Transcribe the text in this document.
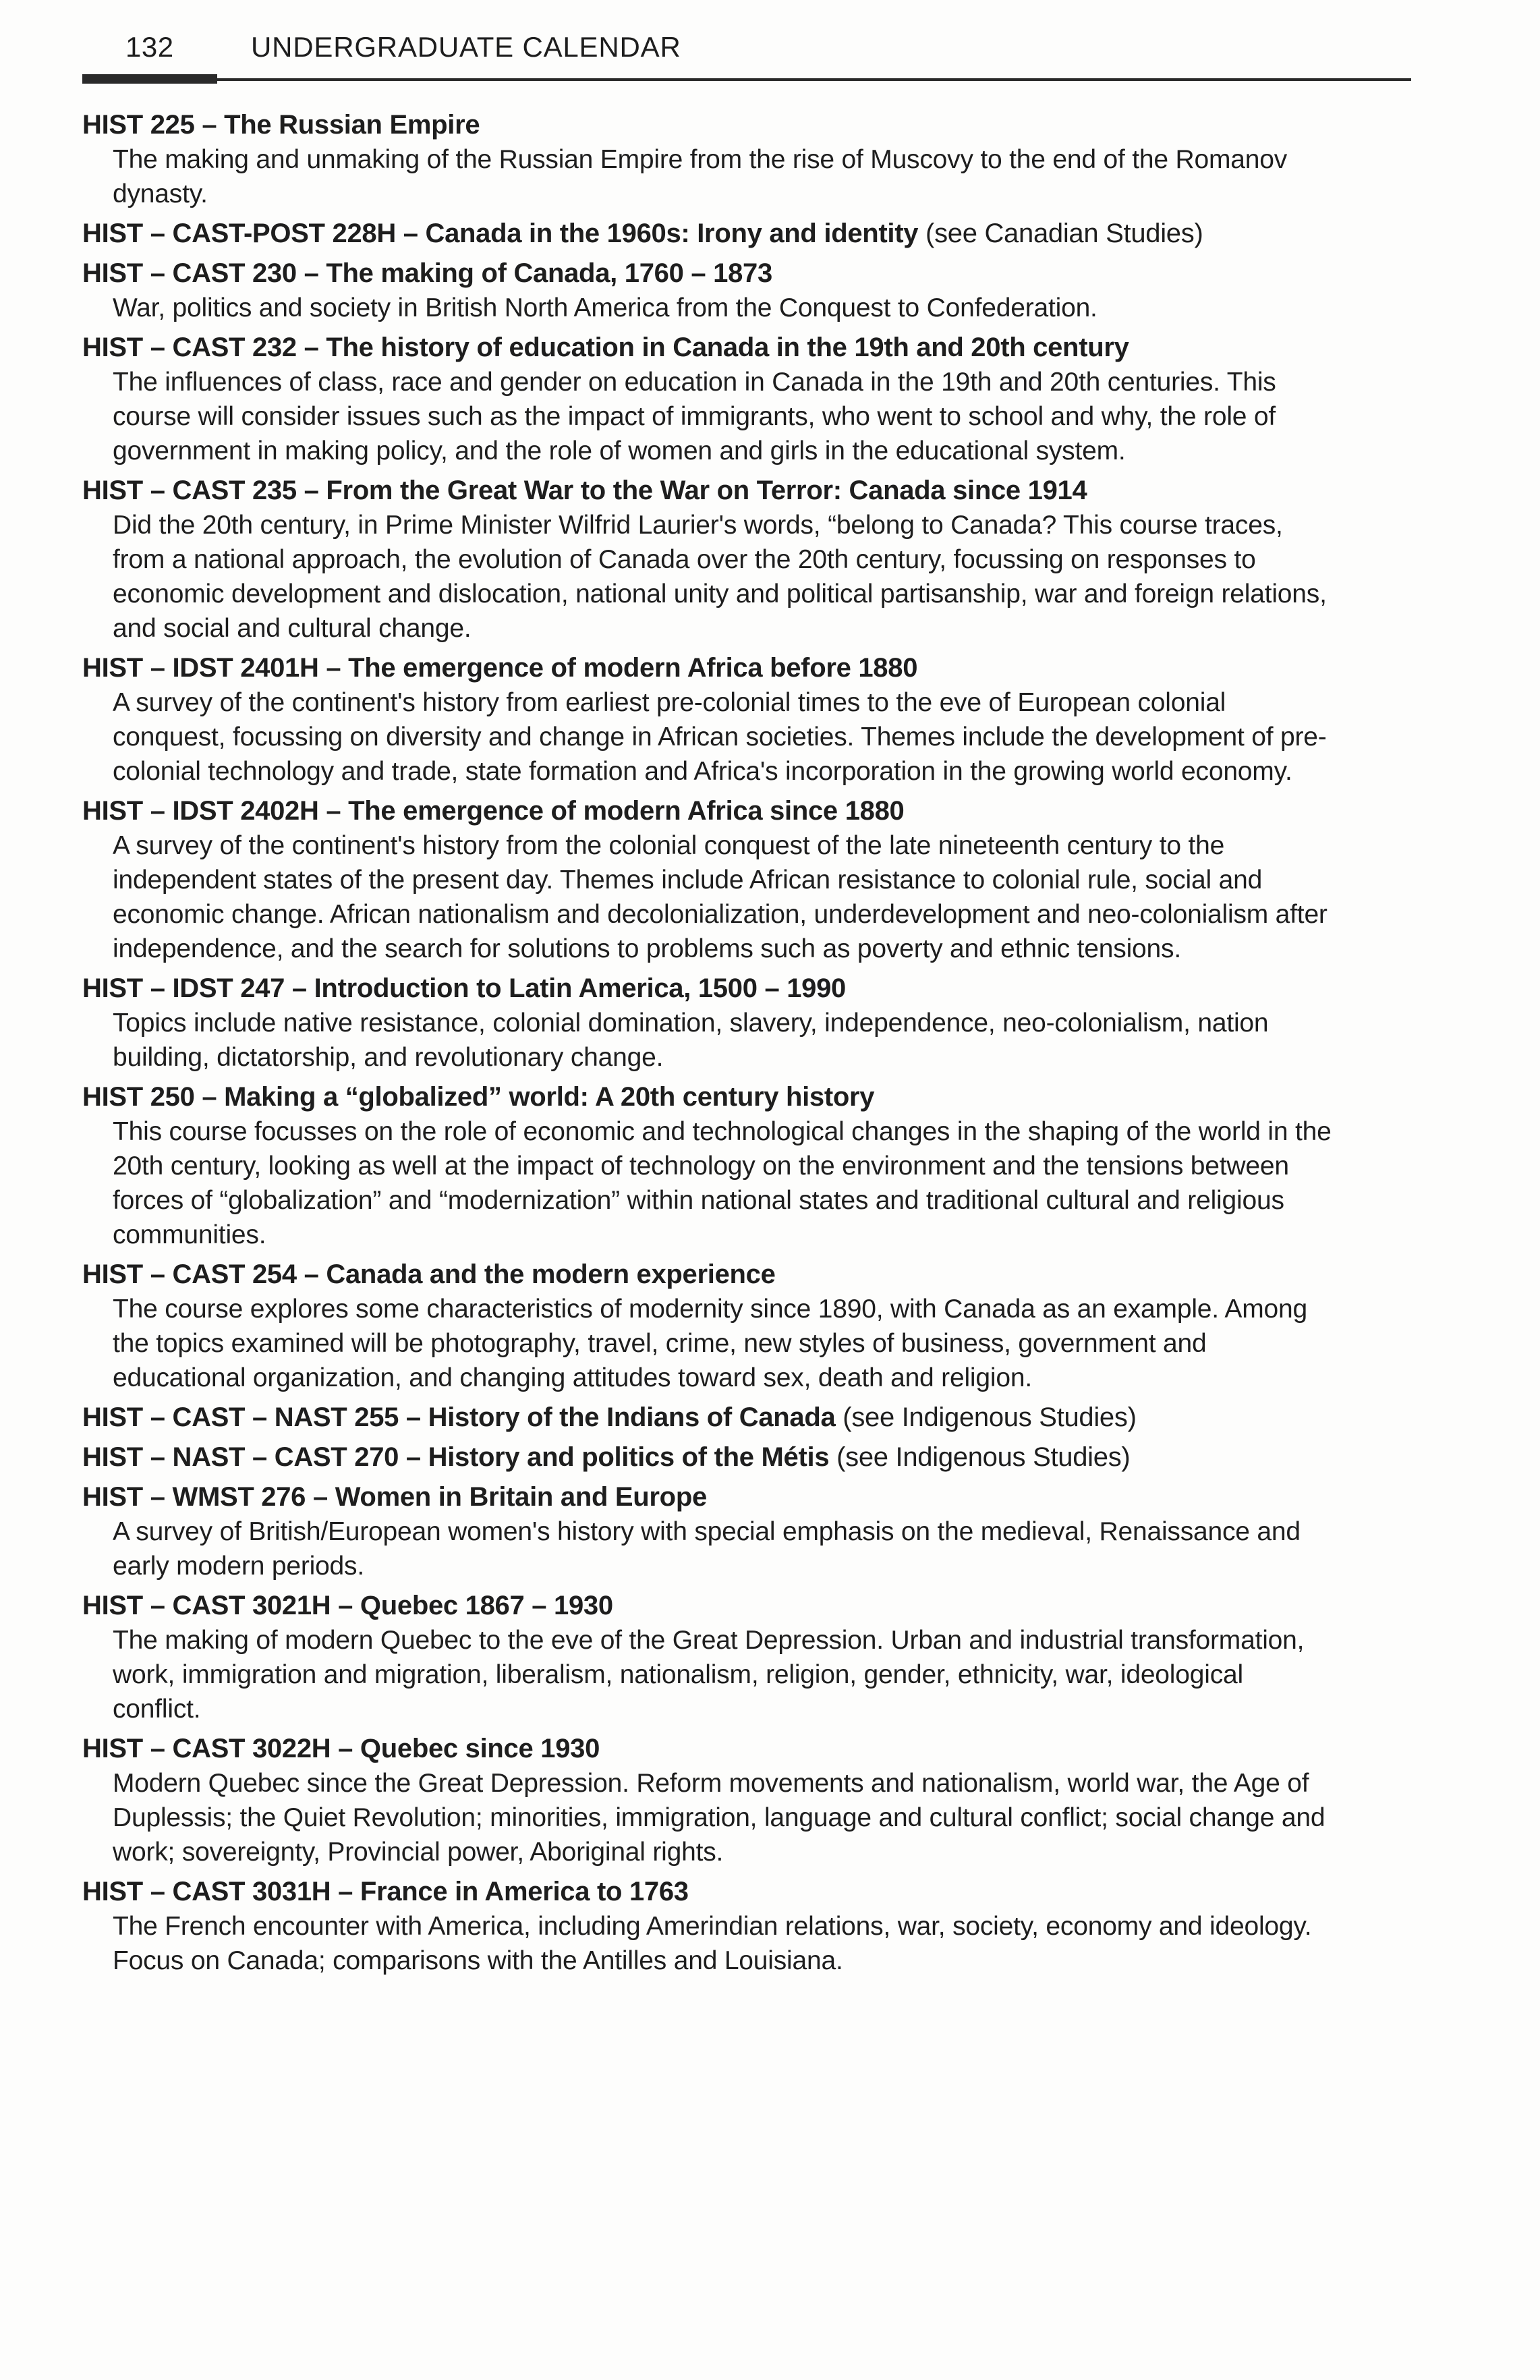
132	UNDERGRADUATE CALENDAR
HIST 225 – The Russian Empire
The making and unmaking of the Russian Empire from the rise of Muscovy to the end of the Romanov dynasty.
HIST – CAST-POST 228H – Canada in the 1960s: Irony and identity (see Canadian Studies)
HIST – CAST 230 – The making of Canada, 1760 – 1873
War, politics and society in British North America from the Conquest to Confederation.
HIST – CAST 232 – The history of education in Canada in the 19th and 20th century
The influences of class, race and gender on education in Canada in the 19th and 20th centuries. This course will consider issues such as the impact of immigrants, who went to school and why, the role of government in making policy, and the role of women and girls in the educational system.
HIST – CAST 235 – From the Great War to the War on Terror: Canada since 1914
Did the 20th century, in Prime Minister Wilfrid Laurier's words, “belong to Canada? This course traces, from a national approach, the evolution of Canada over the 20th century, focussing on responses to economic development and dislocation, national unity and political partisanship, war and foreign relations, and social and cultural change.
HIST – IDST 2401H – The emergence of modern Africa before 1880
A survey of the continent's history from earliest pre-colonial times to the eve of European colonial conquest, focussing on diversity and change in African societies. Themes include the development of pre-colonial technology and trade, state formation and Africa's incorporation in the growing world economy.
HIST – IDST 2402H – The emergence of modern Africa since 1880
A survey of the continent's history from the colonial conquest of the late nineteenth century to the independent states of the present day. Themes include African resistance to colonial rule, social and economic change. African nationalism and decolonialization, underdevelopment and neo-colonialism after independence, and the search for solutions to problems such as poverty and ethnic tensions.
HIST – IDST 247 – Introduction to Latin America, 1500 – 1990
Topics include native resistance, colonial domination, slavery, independence, neo-colonialism, nation building, dictatorship, and revolutionary change.
HIST 250 – Making a “globalized” world: A 20th century history
This course focusses on the role of economic and technological changes in the shaping of the world in the 20th century, looking as well at the impact of technology on the environment and the tensions between forces of “globalization” and “modernization” within national states and traditional cultural and religious communities.
HIST – CAST 254 – Canada and the modern experience
The course explores some characteristics of modernity since 1890, with Canada as an example. Among the topics examined will be photography, travel, crime, new styles of business, government and educational organization, and changing attitudes toward sex, death and religion.
HIST – CAST – NAST 255 – History of the Indians of Canada (see Indigenous Studies)
HIST – NAST – CAST 270 – History and politics of the Métis (see Indigenous Studies)
HIST – WMST 276 – Women in Britain and Europe
A survey of British/European women's history with special emphasis on the medieval, Renaissance and early modern periods.
HIST – CAST 3021H – Quebec 1867 – 1930
The making of modern Quebec to the eve of the Great Depression. Urban and industrial transformation, work, immigration and migration, liberalism, nationalism, religion, gender, ethnicity, war, ideological conflict.
HIST – CAST 3022H – Quebec since 1930
Modern Quebec since the Great Depression. Reform movements and nationalism, world war, the Age of Duplessis; the Quiet Revolution; minorities, immigration, language and cultural conflict; social change and work; sovereignty, Provincial power, Aboriginal rights.
HIST – CAST 3031H – France in America to 1763
The French encounter with America, including Amerindian relations, war, society, economy and ideology. Focus on Canada; comparisons with the Antilles and Louisiana.
